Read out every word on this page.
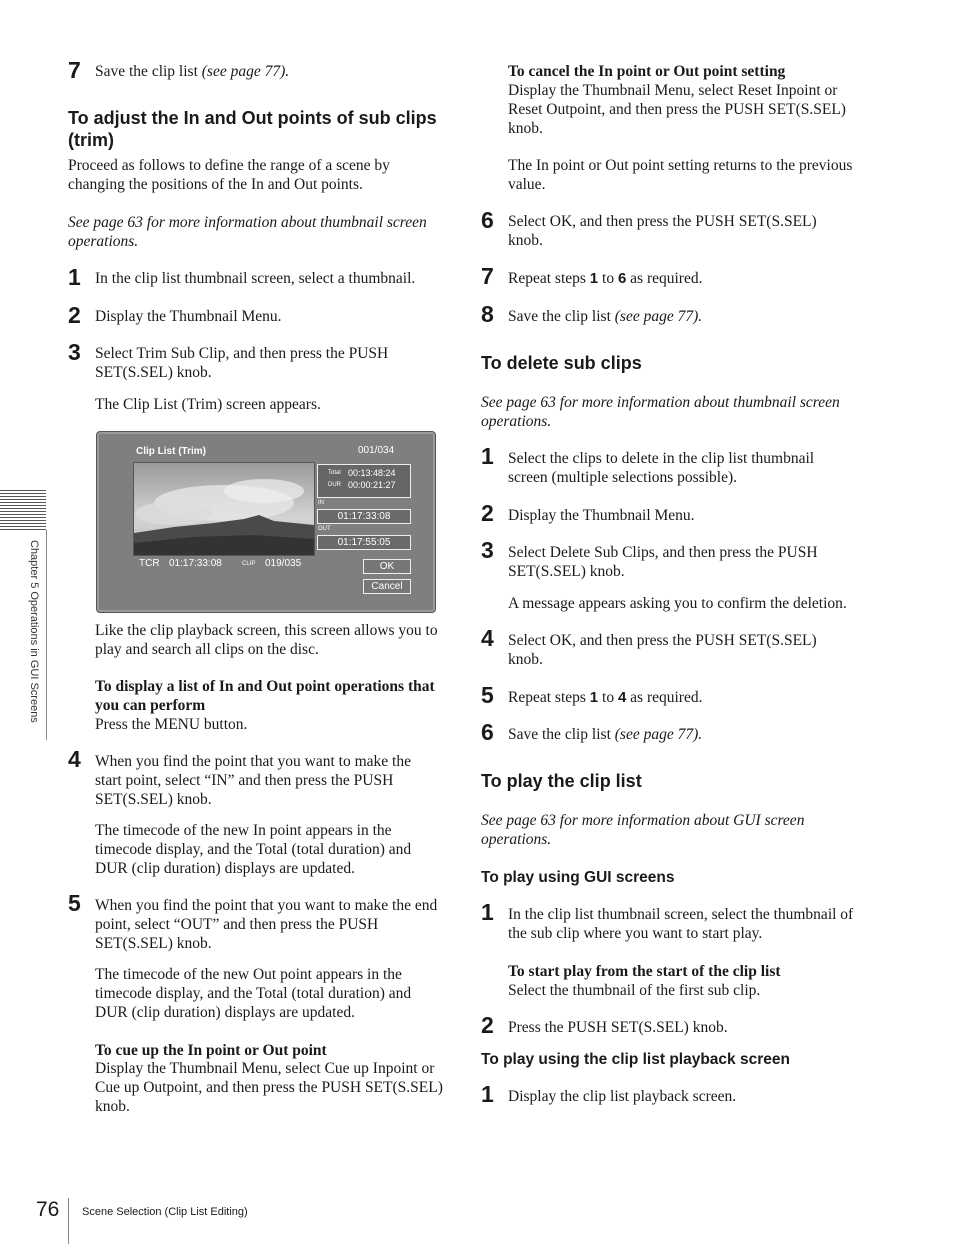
Chapter 5 Operations in GUI Screens
7 Save the clip list (see page 77).
To adjust the In and Out points of sub clips (trim)
Proceed as follows to define the range of a scene by changing the positions of the In and Out points.
See page 63 for more information about thumbnail screen operations.
1 In the clip list thumbnail screen, select a thumbnail.
2 Display the Thumbnail Menu.
3 Select Trim Sub Clip, and then press the PUSH SET(S.SEL) knob.
The Clip List (Trim) screen appears.
Clip List (Trim)	001/034
Total 00:13:48:24
DUR 00:00:21:27
IN
01:17:33:08
OUT
01:17:55:05
TCR 01:17:33:08	CLIP 019/035	OK
Cancel
Like the clip playback screen, this screen allows you to play and search all clips on the disc.
To display a list of In and Out point operations that you can perform
Press the MENU button.
4 When you find the point that you want to make the start point, select “IN” and then press the PUSH SET(S.SEL) knob.
The timecode of the new In point appears in the timecode display, and the Total (total duration) and DUR (clip duration) displays are updated.
5 When you find the point that you want to make the end point, select “OUT” and then press the PUSH SET(S.SEL) knob.
The timecode of the new Out point appears in the timecode display, and the Total (total duration) and DUR (clip duration) displays are updated.
To cue up the In point or Out point
Display the Thumbnail Menu, select Cue up Inpoint or Cue up Outpoint, and then press the PUSH SET(S.SEL) knob.
To cancel the In point or Out point setting
Display the Thumbnail Menu, select Reset Inpoint or Reset Outpoint, and then press the PUSH SET(S.SEL) knob.
The In point or Out point setting returns to the previous value.
6 Select OK, and then press the PUSH SET(S.SEL) knob.
7 Repeat steps 1 to 6 as required.
8 Save the clip list (see page 77).
To delete sub clips
See page 63 for more information about thumbnail screen operations.
1 Select the clips to delete in the clip list thumbnail screen (multiple selections possible).
2 Display the Thumbnail Menu.
3 Select Delete Sub Clips, and then press the PUSH SET(S.SEL) knob.
A message appears asking you to confirm the deletion.
4 Select OK, and then press the PUSH SET(S.SEL) knob.
5 Repeat steps 1 to 4 as required.
6 Save the clip list (see page 77).
To play the clip list
See page 63 for more information about GUI screen operations.
To play using GUI screens
1 In the clip list thumbnail screen, select the thumbnail of the sub clip where you want to start play.
To start play from the start of the clip list
Select the thumbnail of the first sub clip.
2 Press the PUSH SET(S.SEL) knob.
To play using the clip list playback screen
1 Display the clip list playback screen.
76 Scene Selection (Clip List Editing)
